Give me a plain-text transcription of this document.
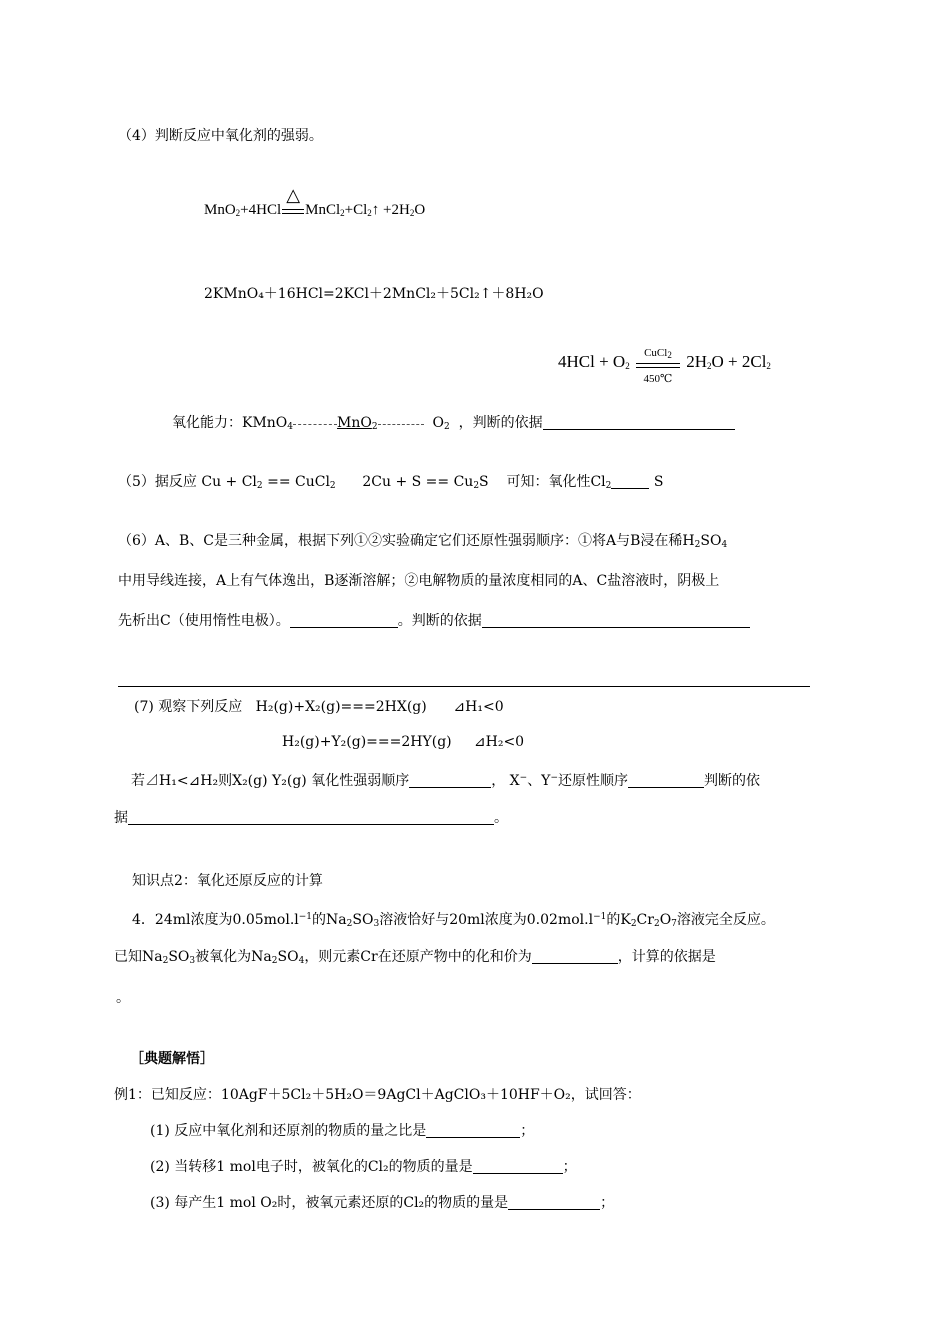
（4）判断反应中氧化剂的强弱。
MnO$_2$+4HCl
△
$MnCl_2+Cl_2↑ +2H_2O$
2KMnO₄＋16HCl=2KCl＋2MnCl₂＋5Cl₂↑＋8H₂O
$4HCl + O_2$
CuCl$_2$
450℃
$2H_2O + 2Cl_2$
氧化能力：KMnO$_4$	MnO$_2$	$O_2$  ，判断的依据
（5）据反应 $Cu + Cl_2$ == CuCl$_2$ $2Cu + S == Cu_2S$ 可知：氧化性$Cl_2$	S
（6）A、B、C是三种金属，根据下列①②实验确定它们还原性强弱顺序：①将A与B浸在稀$H_2SO_4$
中用导线连接，A上有气体逸出，B逐渐溶解；②电解物质的量浓度相同的A、C盐溶液时，阴极上
先析出C（使用惰性电极）。	。判断的依据
(7) 观察下列反应 H₂(g)+X₂(g)===2HX(g) ⊿H₁<0
H₂(g)+Y₂(g)===2HY(g) ⊿H₂<0
若⊿H₁<⊿H₂则X₂(g) Y₂(g) 氧化性强弱顺序	， X−、Y−还原性顺序	判断的依
据	。
知识点2：氧化还原反应的计算
4．24ml浓度为$0.05mol.l^{-1}$的$Na_2SO_3$溶液恰好与20ml浓度为$0.02mol.l^{-1}$的$K_2Cr_2O_7$溶液完全反应。
已知$Na_2SO_3$被氧化为$Na_2SO_4$，则元素Cr在还原产物中的化和价为	，计算的依据是
。
［典题解悟］
例1：已知反应：10AgF＋5Cl₂＋5H₂O＝9AgCl＋AgClO₃＋10HF＋O₂，试回答：
(1) 反应中氧化剂和还原剂的物质的量之比是	；
(2) 当转移1 mol电子时，被氧化的Cl₂的物质的量是	；
(3) 每产生1 mol O₂时，被氧元素还原的Cl₂的物质的量是	；
